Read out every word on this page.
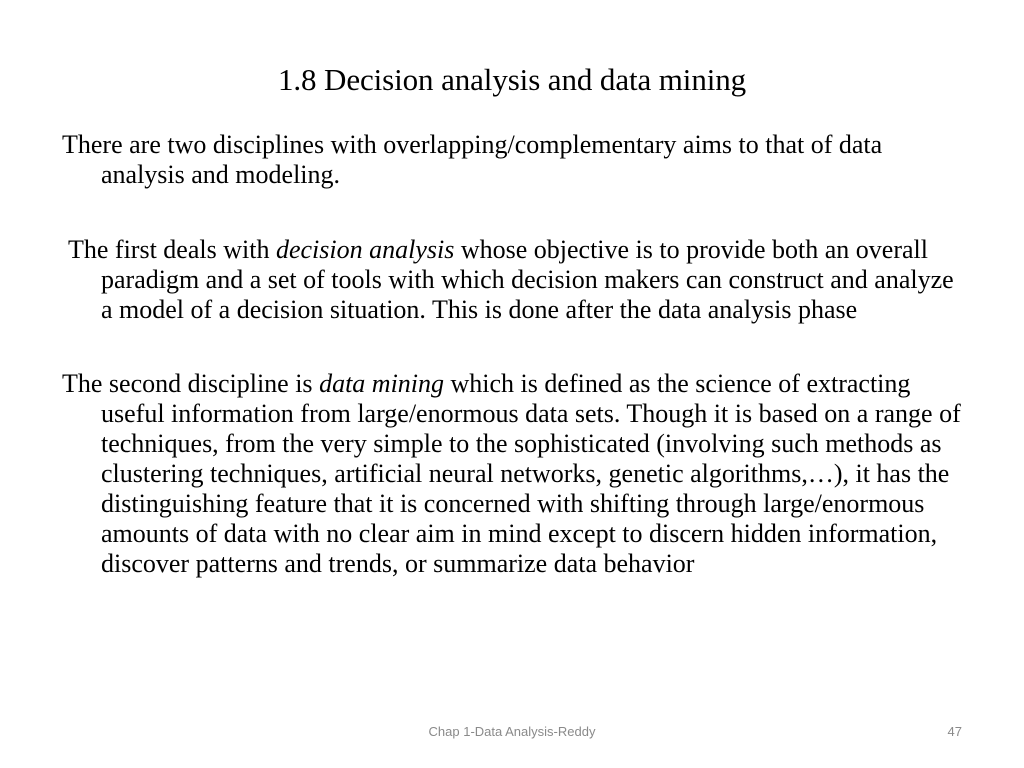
1.8 Decision analysis and data mining

There are two disciplines with overlapping/complementary aims to that of data analysis and modeling.

The first deals with decision analysis whose objective is to provide both an overall paradigm and a set of tools with which decision makers can construct and analyze a model of a decision situation. This is done after the data analysis phase

The second discipline is data mining which is defined as the science of extracting useful information from large/enormous data sets. Though it is based on a range of techniques, from the very simple to the sophisticated (involving such methods as clustering techniques, artificial neural networks, genetic algorithms,…), it has the distinguishing feature that it is concerned with shifting through large/enormous amounts of data with no clear aim in mind except to discern hidden information, discover patterns and trends, or summarize data behavior

Chap 1-Data Analysis-Reddy	47
